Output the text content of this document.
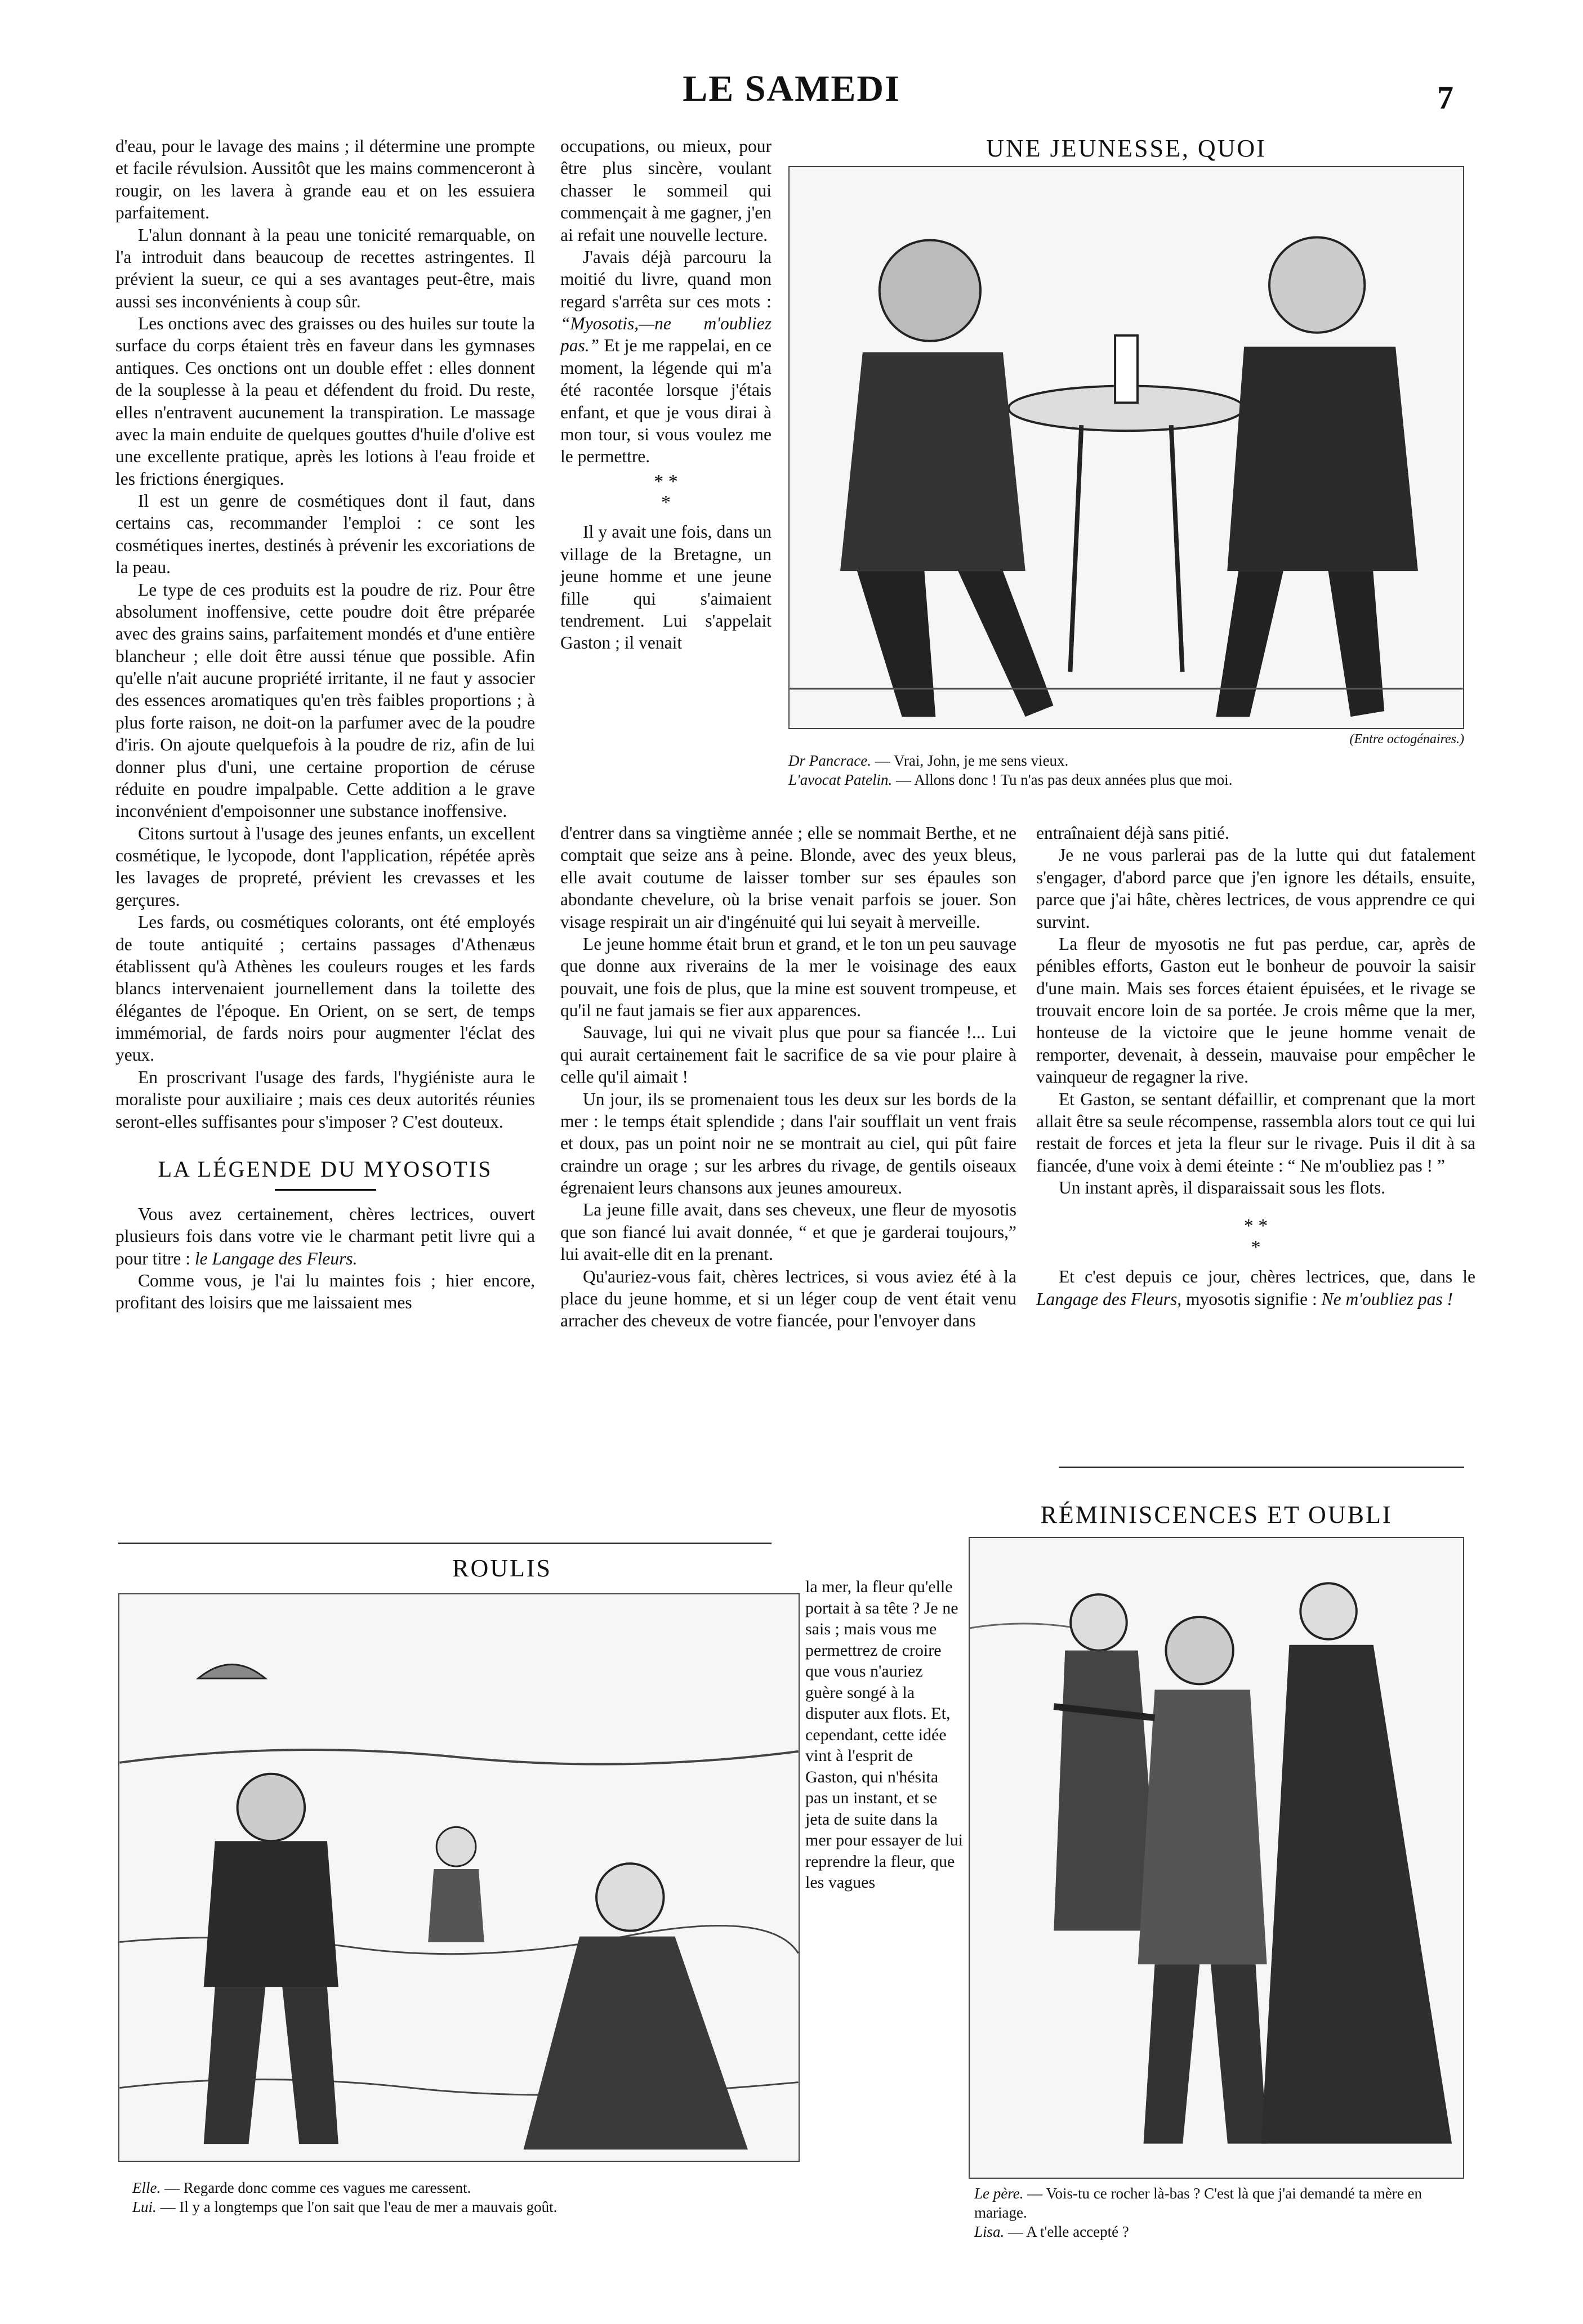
LE SAMEDI	7

d'eau, pour le lavage des mains ; il détermine une prompte et facile révulsion. Aussitôt que les mains commenceront à rougir, on les lavera à grande eau et on les essuiera parfaitement.

L'alun donnant à la peau une tonicité remarquable, on l'a introduit dans beaucoup de recettes astringentes. Il prévient la sueur, ce qui a ses avantages peut-être, mais aussi ses inconvénients à coup sûr.

Les onctions avec des graisses ou des huiles sur toute la surface du corps étaient très en faveur dans les gymnases antiques. Ces onctions ont un double effet : elles donnent de la souplesse à la peau et défendent du froid. Du reste, elles n'entravent aucunement la transpiration. Le massage avec la main enduite de quelques gouttes d'huile d'olive est une excellente pratique, après les lotions à l'eau froide et les frictions énergiques.

Il est un genre de cosmétiques dont il faut, dans certains cas, recommander l'emploi : ce sont les cosmétiques inertes, destinés à prévenir les excoriations de la peau.

Le type de ces produits est la poudre de riz. Pour être absolument inoffensive, cette poudre doit être préparée avec des grains sains, parfaitement mondés et d'une entière blancheur ; elle doit être aussi ténue que possible. Afin qu'elle n'ait aucune propriété irritante, il ne faut y associer des essences aromatiques qu'en très faibles proportions ; à plus forte raison, ne doit-on la parfumer avec de la poudre d'iris. On ajoute quelquefois à la poudre de riz, afin de lui donner plus d'uni, une certaine proportion de céruse réduite en poudre impalpable. Cette addition a le grave inconvénient d'empoisonner une substance inoffensive.

Citons surtout à l'usage des jeunes enfants, un excellent cosmétique, le lycopode, dont l'application, répétée après les lavages de propreté, prévient les crevasses et les gerçures.

Les fards, ou cosmétiques colorants, ont été employés de toute antiquité ; certains passages d'Athenæus établissent qu'à Athènes les couleurs rouges et les fards blancs intervenaient journellement dans la toilette des élégantes de l'époque. En Orient, on se sert, de temps immémorial, de fards noirs pour augmenter l'éclat des yeux.

En proscrivant l'usage des fards, l'hygiéniste aura le moraliste pour auxiliaire ; mais ces deux autorités réunies seront-elles suffisantes pour s'imposer ? C'est douteux.

LA LÉGENDE DU MYOSOTIS

Vous avez certainement, chères lectrices, ouvert plusieurs fois dans votre vie le charmant petit livre qui a pour titre : le Langage des Fleurs.

Comme vous, je l'ai lu maintes fois ; hier encore, profitant des loisirs que me laissaient mes

occupations, ou mieux, pour être plus sincère, voulant chasser le sommeil qui commençait à me gagner, j'en ai refait une nouvelle lecture.

J'avais déjà parcouru la moitié du livre, quand mon regard s'arrêta sur ces mots : “Myosotis,—ne m'oubliez pas.” Et je me rappelai, en ce moment, la légende qui m'a été racontée lorsque j'étais enfant, et que je vous dirai à mon tour, si vous voulez me le permettre.

* *
*

Il y avait une fois, dans un village de la Bretagne, un jeune homme et une jeune fille qui s'aimaient tendrement. Lui s'appelait Gaston ; il venait

UNE JEUNESSE, QUOI
(Entre octogénaires.)
Dr Pancrace. — Vrai, John, je me sens vieux.
L'avocat Patelin. — Allons donc ! Tu n'as pas deux années plus que moi.

d'entrer dans sa vingtième année ; elle se nommait Berthe, et ne comptait que seize ans à peine. Blonde, avec des yeux bleus, elle avait coutume de laisser tomber sur ses épaules son abondante chevelure, où la brise venait parfois se jouer. Son visage respirait un air d'ingénuité qui lui seyait à merveille.

Le jeune homme était brun et grand, et le ton un peu sauvage que donne aux riverains de la mer le voisinage des eaux pouvait, une fois de plus, que la mine est souvent trompeuse, et qu'il ne faut jamais se fier aux apparences.

Sauvage, lui qui ne vivait plus que pour sa fiancée !... Lui qui aurait certainement fait le sacrifice de sa vie pour plaire à celle qu'il aimait !

Un jour, ils se promenaient tous les deux sur les bords de la mer : le temps était splendide ; dans l'air soufflait un vent frais et doux, pas un point noir ne se montrait au ciel, qui pût faire craindre un orage ; sur les arbres du rivage, de gentils oiseaux égrenaient leurs chansons aux jeunes amoureux.

La jeune fille avait, dans ses cheveux, une fleur de myosotis que son fiancé lui avait donnée, “ et que je garderai toujours,” lui avait-elle dit en la prenant.

Qu'auriez-vous fait, chères lectrices, si vous aviez été à la place du jeune homme, et si un léger coup de vent était venu arracher des cheveux de votre fiancée, pour l'envoyer dans

la mer, la fleur qu'elle portait à sa tête ? Je ne sais ; mais vous me permettrez de croire que vous n'auriez guère songé à la disputer aux flots. Et, cependant, cette idée vint à l'esprit de Gaston, qui n'hésita pas un instant, et se jeta de suite dans la mer pour essayer de lui reprendre la fleur, que les vagues

entraînaient déjà sans pitié.

Je ne vous parlerai pas de la lutte qui dut fatalement s'engager, d'abord parce que j'en ignore les détails, ensuite, parce que j'ai hâte, chères lectrices, de vous apprendre ce qui survint.

La fleur de myosotis ne fut pas perdue, car, après de pénibles efforts, Gaston eut le bonheur de pouvoir la saisir d'une main. Mais ses forces étaient épuisées, et le rivage se trouvait encore loin de sa portée. Je crois même que la mer, honteuse de la victoire que le jeune homme venait de remporter, devenait, à dessein, mauvaise pour empêcher le vainqueur de regagner la rive.

Et Gaston, se sentant défaillir, et comprenant que la mort allait être sa seule récompense, rassembla alors tout ce qui lui restait de forces et jeta la fleur sur le rivage. Puis il dit à sa fiancée, d'une voix à demi éteinte : “ Ne m'oubliez pas ! ”

Un instant après, il disparaissait sous les flots.

* *
*

Et c'est depuis ce jour, chères lectrices, que, dans le Langage des Fleurs, myosotis signifie : Ne m'oubliez pas !

ROULIS
Elle. — Regarde donc comme ces vagues me caressent.
Lui. — Il y a longtemps que l'on sait que l'eau de mer a mauvais goût.
RÉMINISCENCES ET OUBLI
Le père. — Vois-tu ce rocher là-bas ? C'est là que j'ai demandé ta mère en mariage.
Lisa. — A t'elle accepté ?
